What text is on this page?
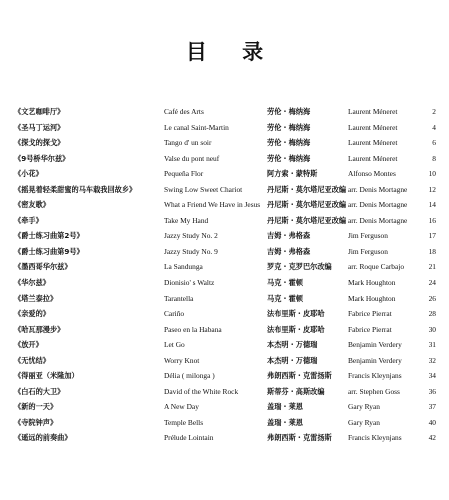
目 录
《文艺咖啡厅》	Café des Arts	劳伦・梅纳海	Laurent Méneret	2
《圣马丁运河》	Le canal Saint-Martin	劳伦・梅纳海	Laurent Méneret	4
《探戈的探戈》	Tango d' un soir	劳伦・梅纳海	Laurent Méneret	6
《9号桥华尔兹》	Valse du pont neuf	劳伦・梅纳海	Laurent Méneret	8
《小花》	Pequeña Flor	阿方索・蒙特斯	Alfonso Montes	10
《摇晃着轻柔甜蜜的马车载我回故乡》	Swing Low Sweet Chariot	丹尼斯・莫尔塔尼亚改编 arr. Denis Mortagne	12
《密友歌》	What a Friend We Have in Jesus 丹尼斯・莫尔塔尼亚改编 arr. Denis Mortagne	14
《牵手》	Take My Hand	丹尼斯・莫尔塔尼亚改编 arr. Denis Mortagne	16
《爵士练习曲第2号》	Jazzy Study No. 2	吉姆・弗格森	Jim Ferguson	17
《爵士练习曲第9号》	Jazzy Study No. 9	吉姆・弗格森	Jim Ferguson	18
《墨西哥华尔兹》	La Sandunga	罗克・克罗巴尔改编 arr. Roque Carbajo	21
《华尔兹》	Dionisio' s Waltz	马克・霍顿	Mark Houghton	24
《塔兰泰拉》	Tarantella	马克・霍顿	Mark Houghton	26
《亲爱的》	Cariño	法布里斯・皮耶哈	Fabrice Pierrat	28
《哈瓦那漫步》	Paseo en la Habana	法布里斯・皮耶哈	Fabrice Pierrat	30
《放开》	Let Go	本杰明・万德瑞	Benjamin Verdery	31
《无忧结》	Worry Knot	本杰明・万德瑞	Benjamin Verdery	32
《得丽亚（米隆加）	Délia ( milonga )	弗朗西斯・克雷扬斯 Francis Kleynjans	34
《白石的大卫》	David of the White Rock	斯蒂芬・高斯改编	arr. Stephen Goss	36
《新的一天》	A New Day	盖瑞・莱恩	Gary Ryan	37
《寺院钟声》	Temple Bells	盖瑞・莱恩	Gary Ryan	40
《遥远的前奏曲》	Prélude Lointain	弗朗西斯・克雷扬斯 Francis Kleynjans	42
